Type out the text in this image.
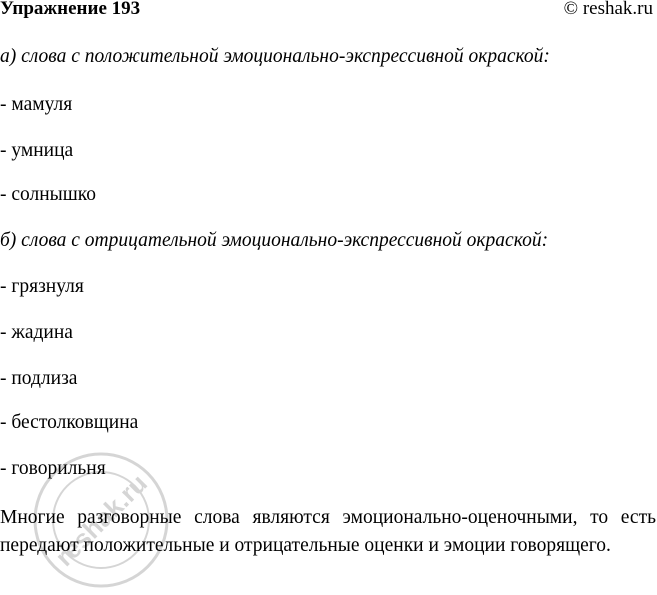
Упражнение 193	© reshak.ru
а) слова с положительной эмоционально-экспрессивной окраской:
- мамуля
- умница
- солнышко
б) слова с отрицательной эмоционально-экспрессивной окраской:
- грязнуля
- жадина
- подлиза
- бестолковщина
- говорильня
Многие разговорные слова являются эмоционально-оценочными, то есть передают положительные и отрицательные оценки и эмоции говорящего.
reshak.ru
